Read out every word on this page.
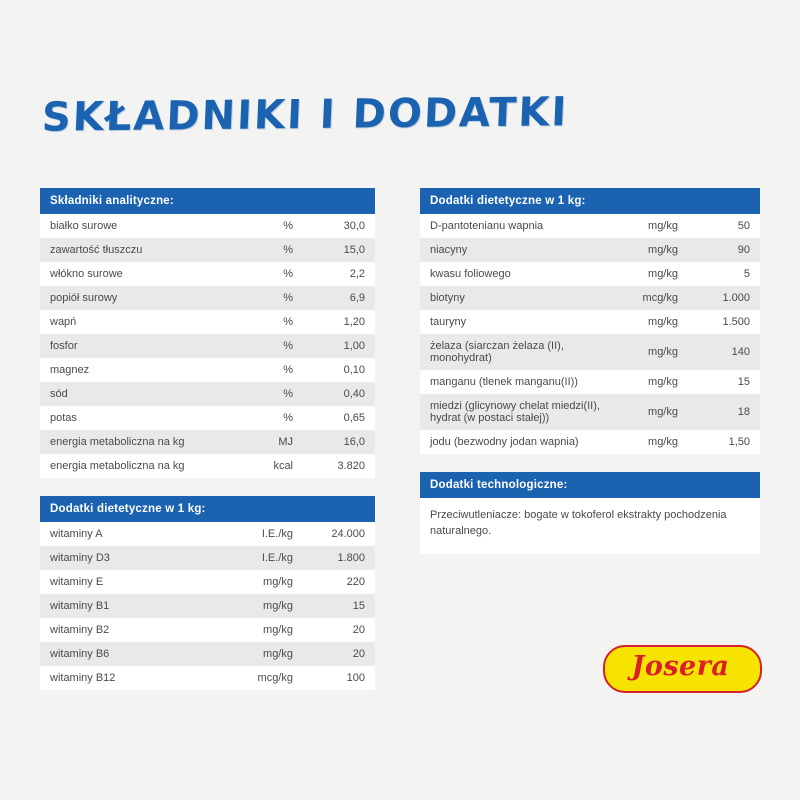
SKŁADNIKI I DODATKI
Składniki analityczne:
białko surowe	%	30,0
zawartość tłuszczu	%	15,0
włókno surowe	%	2,2
popiół surowy	%	6,9
wapń	%	1,20
fosfor	%	1,00
magnez	%	0,10
sód	%	0,40
potas	%	0,65
energia metaboliczna na kg	MJ	16,0
energia metaboliczna na kg	kcal	3.820
Dodatki dietetyczne w 1 kg:
witaminy A	I.E./kg	24.000
witaminy D3	I.E./kg	1.800
witaminy E	mg/kg	220
witaminy B1	mg/kg	15
witaminy B2	mg/kg	20
witaminy B6	mg/kg	20
witaminy B12	mcg/kg	100
Dodatki dietetyczne w 1 kg:
D-pantotenianu wapnia	mg/kg	50
niacyny	mg/kg	90
kwasu foliowego	mg/kg	5
biotyny	mcg/kg	1.000
tauryny	mg/kg	1.500
żelaza (siarczan żelaza (II), monohydrat)	mg/kg	140
manganu (tlenek manganu(II))	mg/kg	15
miedzi (glicynowy chelat miedzi(II), hydrat (w postaci stałej))	mg/kg	18
jodu (bezwodny jodan wapnia)	mg/kg	1,50
Dodatki technologiczne:
Przeciwutleniacze: bogate w tokoferol ekstrakty pochodzenia naturalnego.
Josera
